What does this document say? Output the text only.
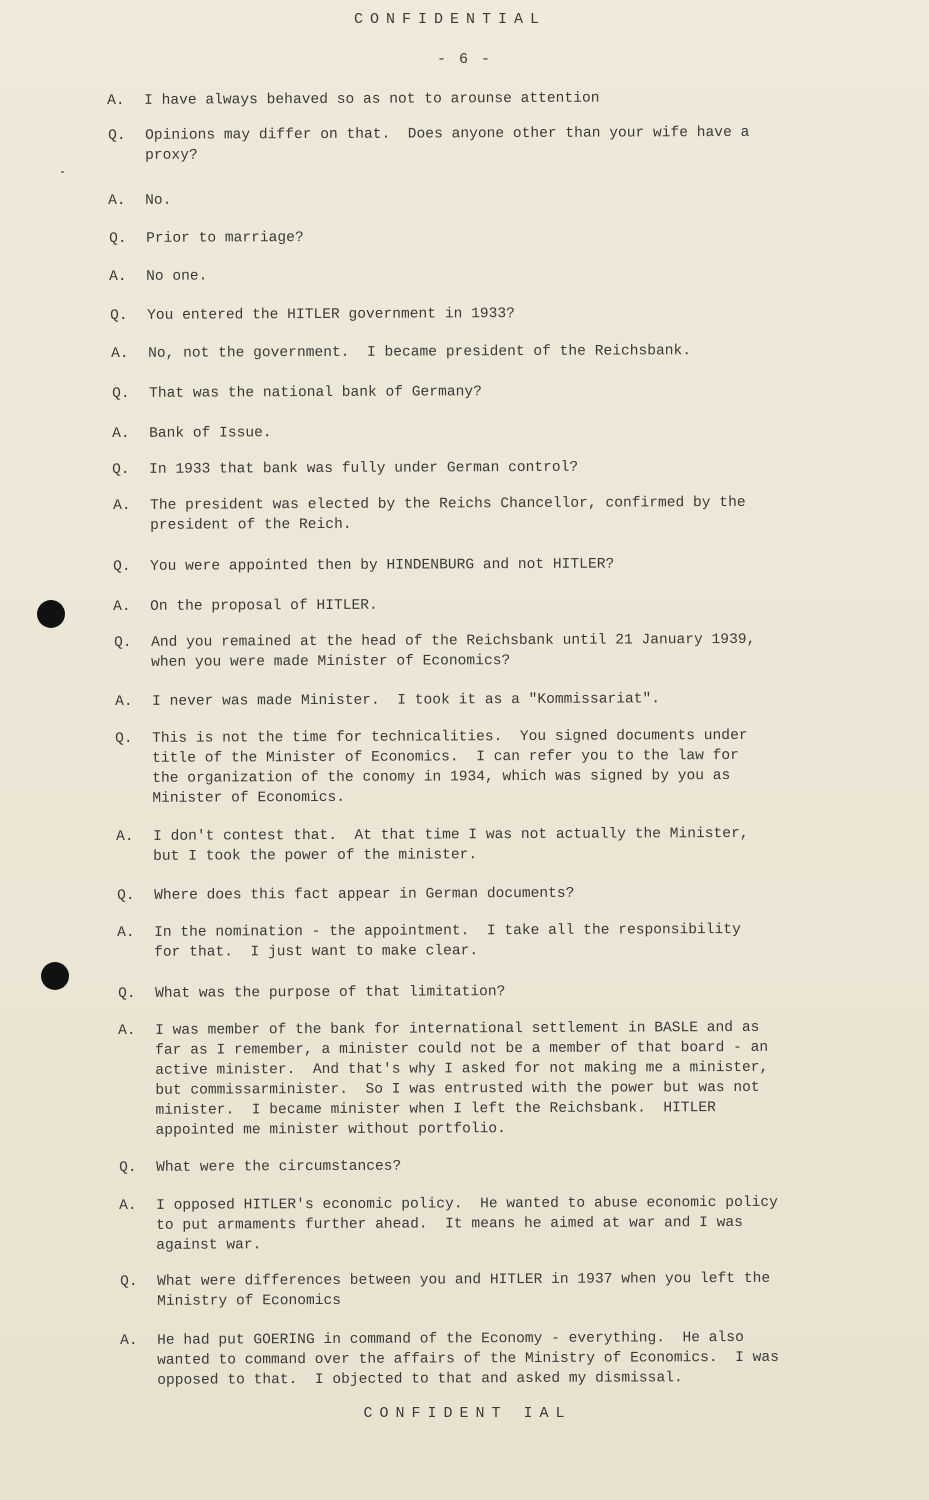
CONFIDENTIAL
- 6 -
A.	I have always behaved so as not to arounse attention
Q.	Opinions may differ on that.  Does anyone other than your wife have a
proxy?
A.	No.
Q.	Prior to marriage?
A.	No one.
Q.	You entered the HITLER government in 1933?
A.	No, not the government.  I became president of the Reichsbank.
Q.	That was the national bank of Germany?
A.	Bank of Issue.
Q.	In 1933 that bank was fully under German control?
A.	The president was elected by the Reichs Chancellor, confirmed by the
president of the Reich.
Q.	You were appointed then by HINDENBURG and not HITLER?
A.	On the proposal of HITLER.
Q.	And you remained at the head of the Reichsbank until 21 January 1939,
when you were made Minister of Economics?
A.	I never was made Minister.  I took it as a "Kommissariat".
Q.	This is not the time for technicalities.  You signed documents under
title of the Minister of Economics.  I can refer you to the law for
the organization of the conomy in 1934, which was signed by you as
Minister of Economics.
A.	I don't contest that.  At that time I was not actually the Minister,
but I took the power of the minister.
Q.	Where does this fact appear in German documents?
A.	In the nomination - the appointment.  I take all the responsibility
for that.  I just want to make clear.
Q.	What was the purpose of that limitation?
A.	I was member of the bank for international settlement in BASLE and as
far as I remember, a minister could not be a member of that board - an
active minister.  And that's why I asked for not making me a minister,
but commissarminister.  So I was entrusted with the power but was not
minister.  I became minister when I left the Reichsbank.  HITLER
appointed me minister without portfolio.
Q.	What were the circumstances?
A.	I opposed HITLER's economic policy.  He wanted to abuse economic policy
to put armaments further ahead.  It means he aimed at war and I was
against war.
Q.	What were differences between you and HITLER in 1937 when you left the
Ministry of Economics
A.	He had put GOERING in command of the Economy - everything.  He also
wanted to command over the affairs of the Ministry of Economics.  I was
opposed to that.  I objected to that and asked my dismissal.
CONFIDENT IAL
